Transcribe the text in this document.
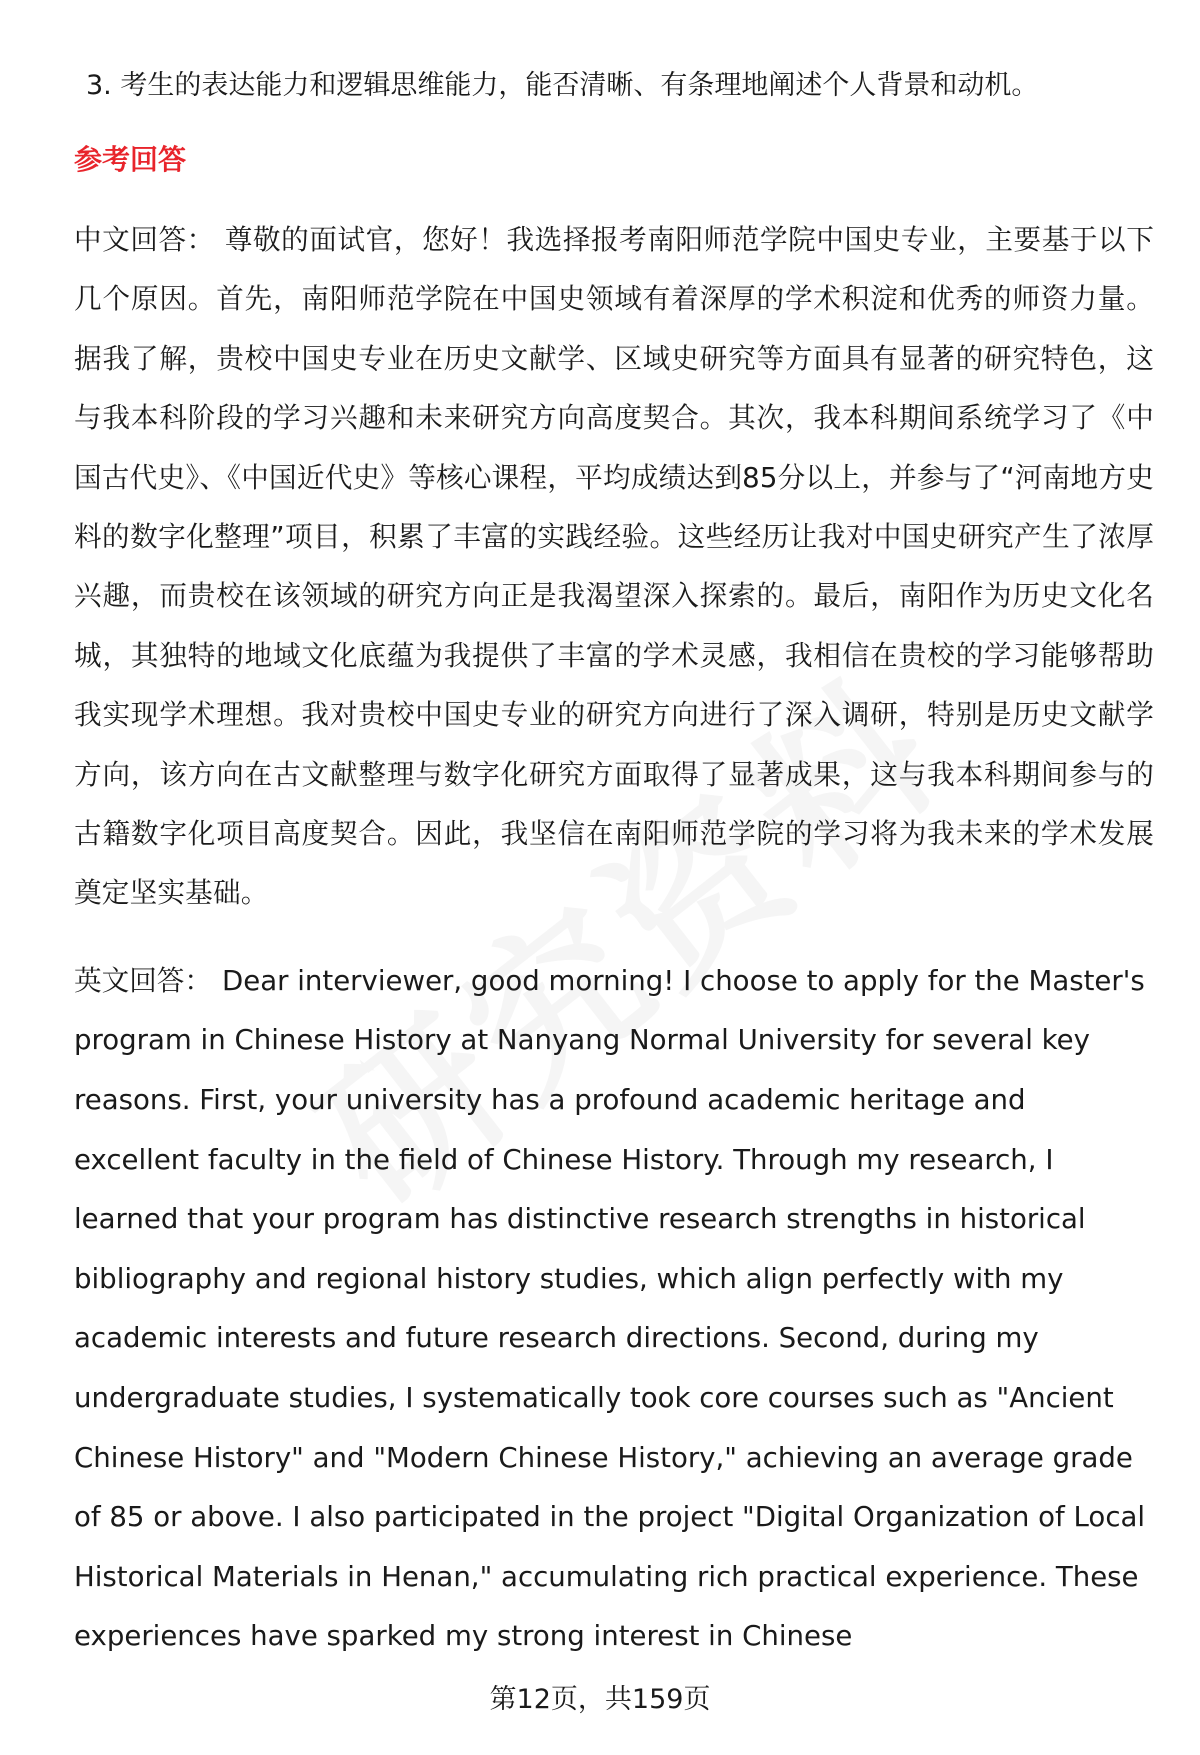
3. 考生的表达能力和逻辑思维能力，能否清晰、有条理地阐述个人背景和动机。

参考回答

中文回答： 尊敬的面试官，您好！我选择报考南阳师范学院中国史专业，主要基于以下几个原因。首先，南阳师范学院在中国史领域有着深厚的学术积淀和优秀的师资力量。据我了解，贵校中国史专业在历史文献学、区域史研究等方面具有显著的研究特色，这与我本科阶段的学习兴趣和未来研究方向高度契合。其次，我本科期间系统学习了《中国古代史》、《中国近代史》等核心课程，平均成绩达到85分以上，并参与了“河南地方史料的数字化整理”项目，积累了丰富的实践经验。这些经历让我对中国史研究产生了浓厚兴趣，而贵校在该领域的研究方向正是我渴望深入探索的。最后，南阳作为历史文化名城，其独特的地域文化底蕴为我提供了丰富的学术灵感，我相信在贵校的学习能够帮助我实现学术理想。我对贵校中国史专业的研究方向进行了深入调研，特别是历史文献学方向，该方向在古文献整理与数字化研究方面取得了显著成果，这与我本科期间参与的古籍数字化项目高度契合。因此，我坚信在南阳师范学院的学习将为我未来的学术发展奠定坚实基础。

英文回答： Dear interviewer, good morning! I choose to apply for the Master's program in Chinese History at Nanyang Normal University for several key reasons. First, your university has a profound academic heritage and excellent faculty in the field of Chinese History. Through my research, I learned that your program has distinctive research strengths in historical bibliography and regional history studies, which align perfectly with my academic interests and future research directions. Second, during my undergraduate studies, I systematically took core courses such as "Ancient Chinese History" and "Modern Chinese History," achieving an average grade of 85 or above. I also participated in the project "Digital Organization of Local Historical Materials in Henan," accumulating rich practical experience. These experiences have sparked my strong interest in Chinese

第12页，共159页
